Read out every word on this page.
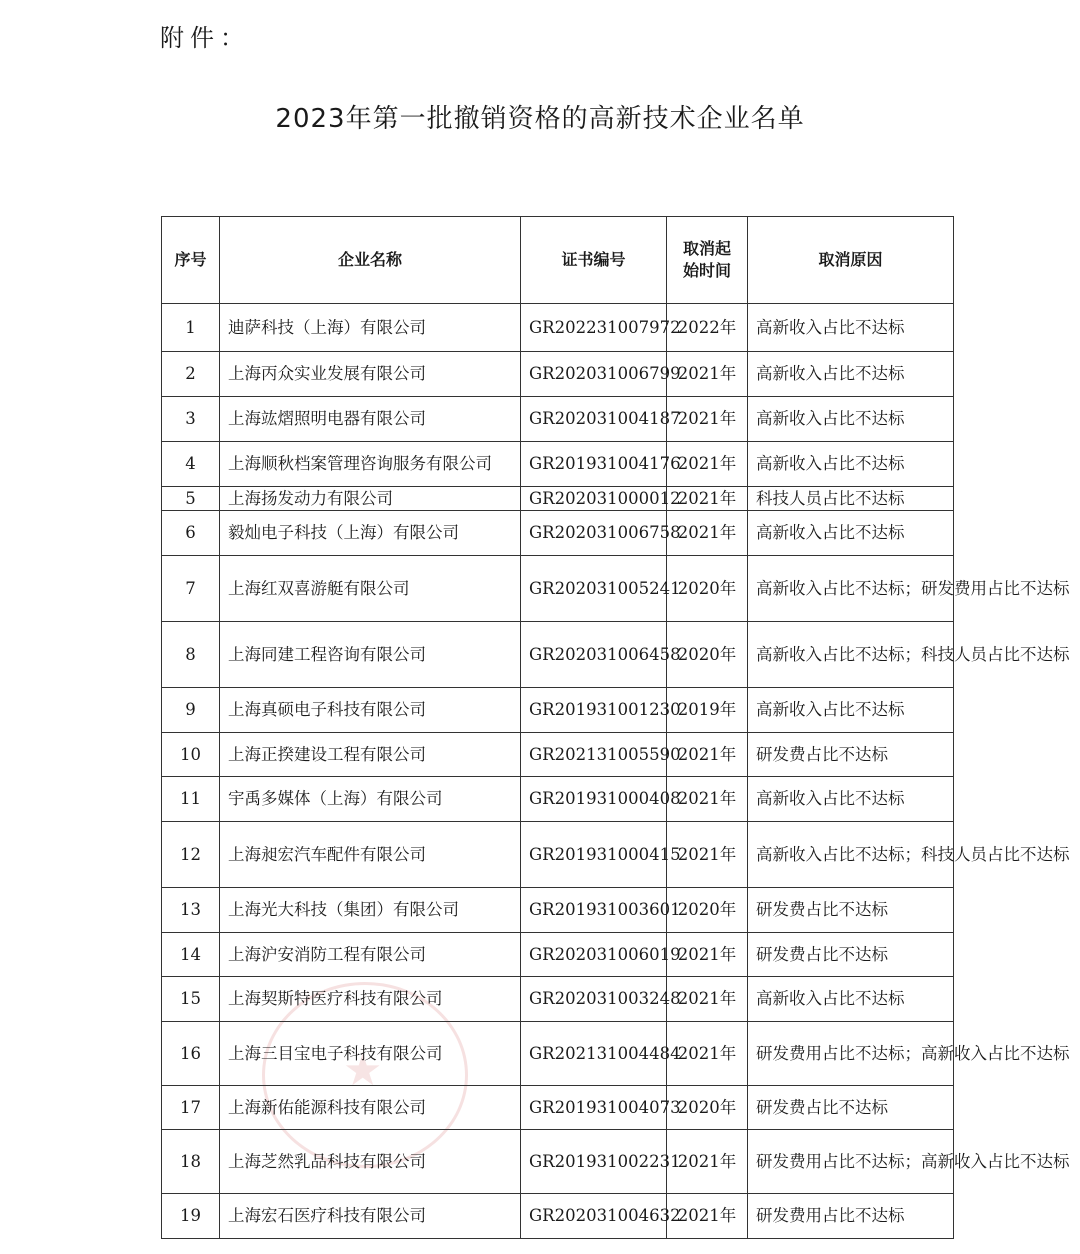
附件：
2023年第一批撤销资格的高新技术企业名单
★
序号	企业名称	证书编号	取消起始时间	取消原因
1	迪萨科技（上海）有限公司	GR202231007972	2022年	高新收入占比不达标
2	上海丙众实业发展有限公司	GR202031006799	2021年	高新收入占比不达标
3	上海竑熠照明电器有限公司	GR202031004187	2021年	高新收入占比不达标
4	上海顺秋档案管理咨询服务有限公司	GR201931004176	2021年	高新收入占比不达标
5	上海扬发动力有限公司	GR202031000012	2021年	科技人员占比不达标
6	毅灿电子科技（上海）有限公司	GR202031006758	2021年	高新收入占比不达标
7	上海红双喜游艇有限公司	GR202031005241	2020年	高新收入占比不达标；研发费用占比不达标
8	上海同建工程咨询有限公司	GR202031006458	2020年	高新收入占比不达标；科技人员占比不达标
9	上海真硕电子科技有限公司	GR201931001230	2019年	高新收入占比不达标
10	上海正揆建设工程有限公司	GR202131005590	2021年	研发费占比不达标
11	宇禹多媒体（上海）有限公司	GR201931000408	2021年	高新收入占比不达标
12	上海昶宏汽车配件有限公司	GR201931000415	2021年	高新收入占比不达标；科技人员占比不达标
13	上海光大科技（集团）有限公司	GR201931003601	2020年	研发费占比不达标
14	上海沪安消防工程有限公司	GR202031006019	2021年	研发费占比不达标
15	上海契斯特医疗科技有限公司	GR202031003248	2021年	高新收入占比不达标
16	上海三目宝电子科技有限公司	GR202131004484	2021年	研发费用占比不达标；高新收入占比不达标
17	上海新佑能源科技有限公司	GR201931004073	2020年	研发费占比不达标
18	上海芝然乳品科技有限公司	GR201931002231	2021年	研发费用占比不达标；高新收入占比不达标
19	上海宏石医疗科技有限公司	GR202031004632	2021年	研发费用占比不达标
